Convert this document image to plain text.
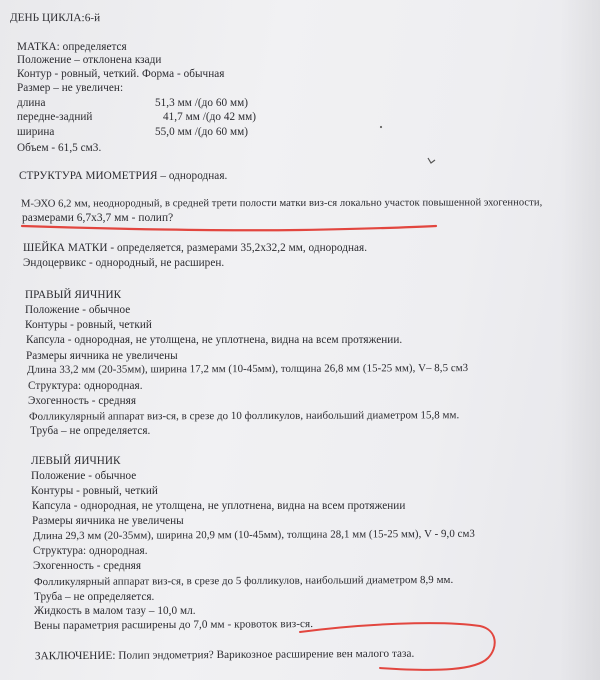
ДЕНЬ ЦИКЛА:6-й
МАТКА: определяется
Положение – отклонена кзади
Контур - ровный, четкий. Форма - обычная
Размер – не увеличен:
длина	51,3 мм /(до 60 мм)
передне-задний	41,7 мм /(до 42 мм)
ширина	55,0 мм /(до 60 мм)
Объем - 61,5 см3.
СТРУКТУРА МИОМЕТРИЯ – однородная.
М-ЭХО 6,2 мм, неоднородный, в средней трети полости матки виз-ся локально участок повышенной эхогенности,
размерами 6,7х3,7 мм - полип?
ШЕЙКА МАТКИ - определяется, размерами 35,2х32,2 мм, однородная.
Эндоцервикс - однородный, не расширен.
ПРАВЫЙ ЯИЧНИК
Положение - обычное
Контуры - ровный, четкий
Капсула - однородная, не утолщена, не уплотнена, видна на всем протяжении.
Размеры яичника не увеличены
Длина 33,2 мм (20-35мм), ширина 17,2 мм (10-45мм), толщина 26,8 мм (15-25 мм), V– 8,5 см3
Структура: однородная.
Эхогенность - средняя
Фолликулярный аппарат виз-ся, в срезе до 10 фолликулов, наибольший диаметром 15,8 мм.
Труба – не определяется.
ЛЕВЫЙ ЯИЧНИК
Положение - обычное
Контуры - ровный, четкий
Капсула - однородная, не утолщена, не уплотнена, видна на всем протяжении
Размеры яичника не увеличены
Длина 29,3 мм (20-35мм), ширина 20,9 мм (10-45мм), толщина 28,1 мм (15-25 мм), V - 9,0 см3
Структура: однородная.
Эхогенность - средняя
Фолликулярный аппарат виз-ся, в срезе до 5 фолликулов, наибольший диаметром 8,9 мм.
Труба – не определяется.
Жидкость в малом тазу – 10,0 мл.
Вены параметрия расширены до 7,0 мм - кровоток виз-ся.
ЗАКЛЮЧЕНИЕ: Полип эндометрия? Варикозное расширение вен малого таза.
